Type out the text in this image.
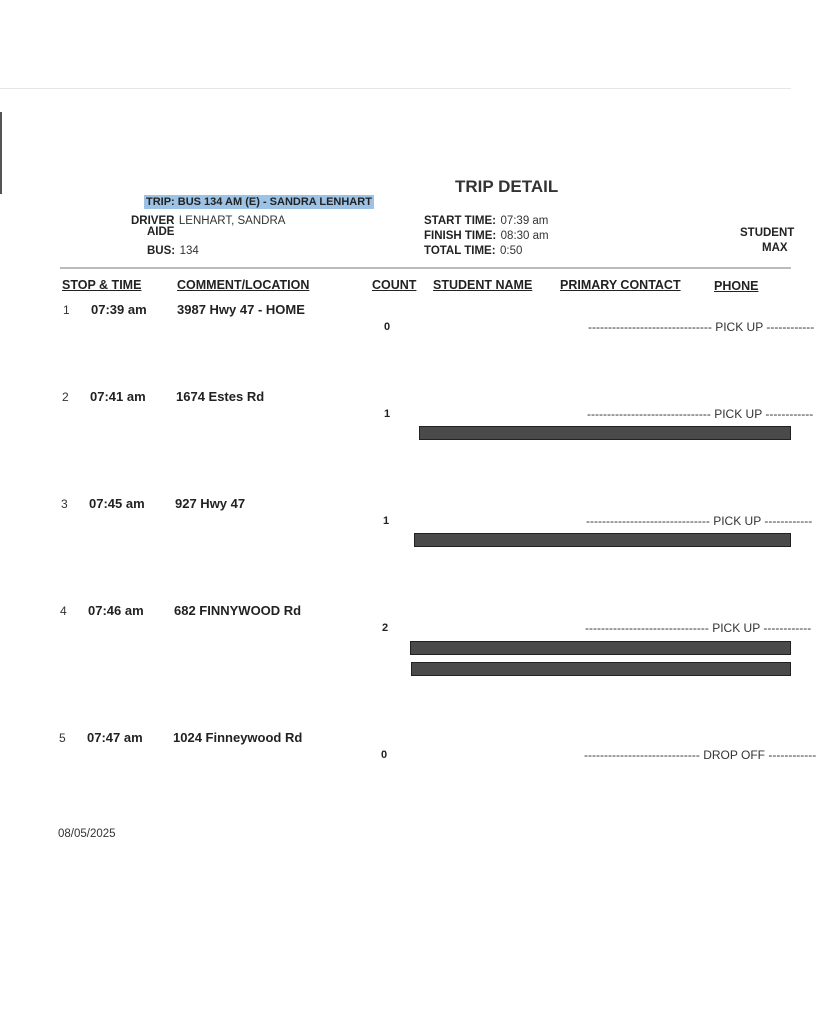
TRIP DETAIL
TRIP: BUS 134 AM (E) - SANDRA LENHART
DRIVER LENHART, SANDRA
AIDE
BUS: 134
START TIME: 07:39 am
FINISH TIME: 08:30 am
TOTAL TIME: 0:50
STUDENT
MAX
STOP & TIME	COMMENT/LOCATION	COUNT STUDENT NAME PRIMARY CONTACT	PHONE
1 07:39 am 3987 Hwy 47 - HOME
0	------------------------------- PICK UP ------------
2 07:41 am 1674 Estes Rd
1	------------------------------- PICK UP ------------
3 07:45 am 927 Hwy 47
1	------------------------------- PICK UP ------------
4 07:46 am 682 FINNYWOOD Rd
2	------------------------------- PICK UP ------------
5 07:47 am 1024 Finneywood Rd
0	----------------------------- DROP OFF ------------
08/05/2025
